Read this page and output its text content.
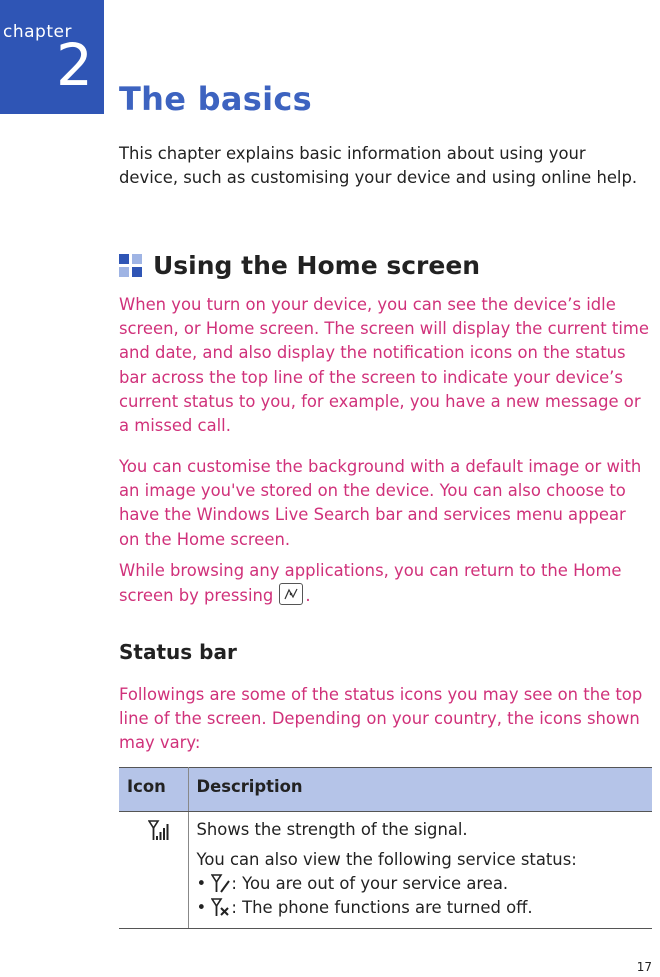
chapter
2 The basics

This chapter explains basic information about using your device, such as customising your device and using online help.

Using the Home screen

When you turn on your device, you can see the device’s idle screen, or Home screen. The screen will display the current time and date, and also display the notification icons on the status bar across the top line of the screen to indicate your device’s current status to you, for example, you have a new message or a missed call.

You can customise the background with a default image or with an image you've stored on the device. You can also choose to have the Windows Live Search bar and services menu appear on the Home screen.

While browsing any applications, you can return to the Home screen by pressing .

Status bar

Followings are some of the status icons you may see on the top line of the screen. Depending on your country, the icons shown may vary:

Icon	Description

Shows the strength of the signal.

You can also view the following service status:

• : You are out of your service area.

• : The phone functions are turned off.

17
